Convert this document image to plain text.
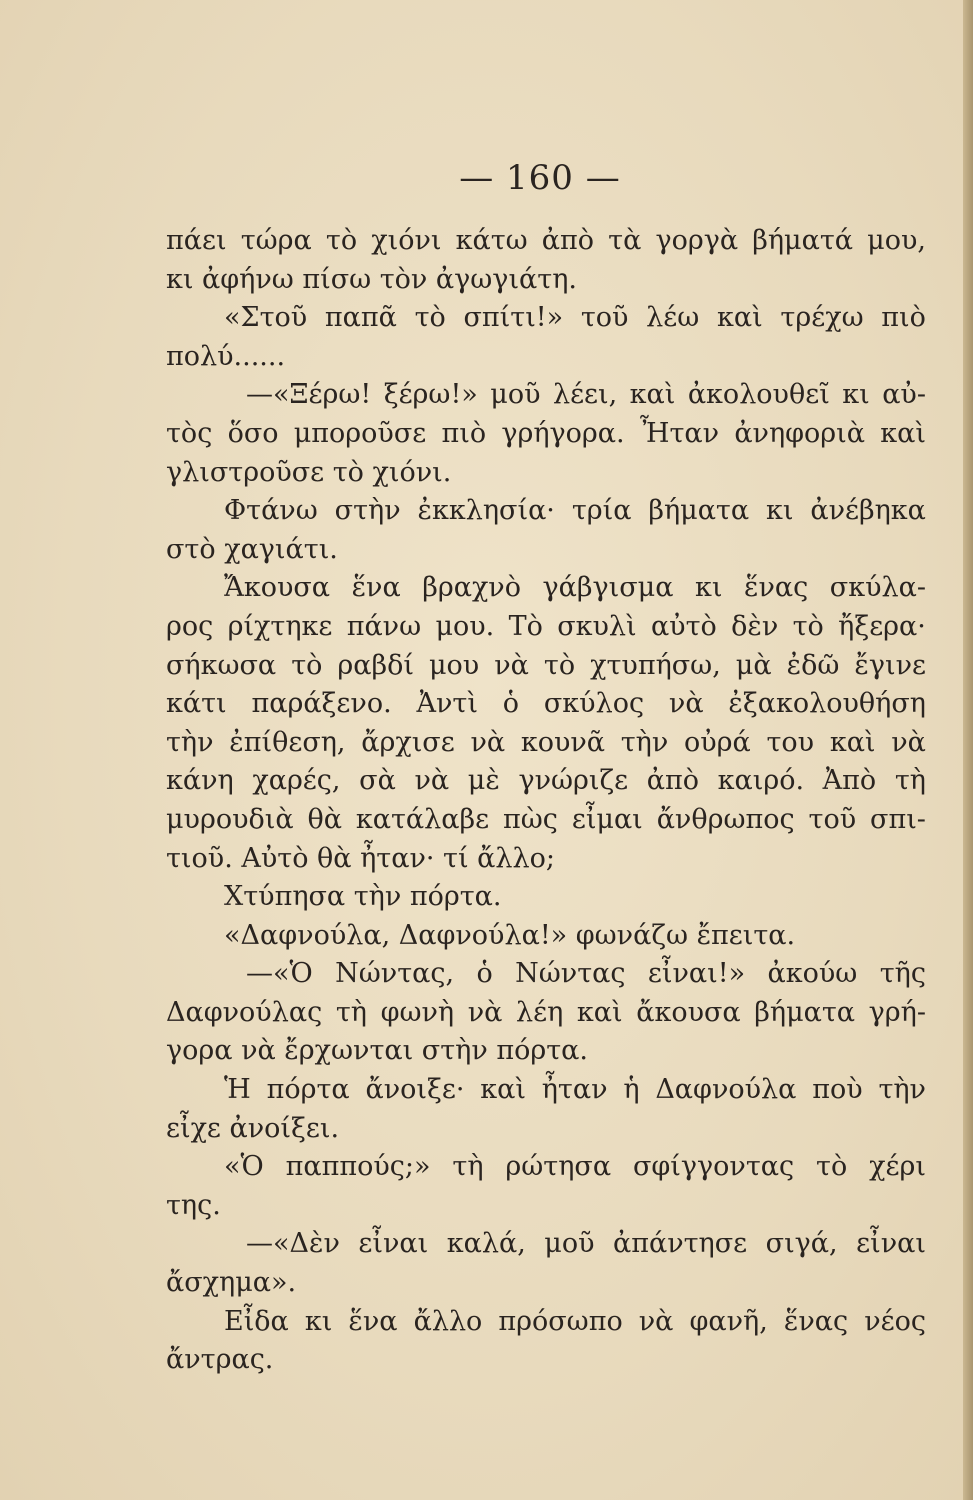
— 160 —
πάει τώρα τὸ χιόνι κάτω ἀπὸ τὰ γοργὰ βήματά μου,
κι ἀφήνω πίσω τὸν ἀγωγιάτη.
«Στοῦ παπᾶ τὸ σπίτι!» τοῦ λέω καὶ τρέχω πιὸ
πολύ......
—«Ξέρω! ξέρω!» μοῦ λέει, καὶ ἀκολουθεῖ κι αὐ-
τὸς ὅσο μποροῦσε πιὸ γρήγορα. Ἦταν ἀνηφοριὰ καὶ
γλιστροῦσε τὸ χιόνι.
Φτάνω στὴν ἐκκλησία· τρία βήματα κι ἀνέβηκα
στὸ χαγιάτι.
Ἄκουσα ἕνα βραχνὸ γάβγισμα κι ἕνας σκύλα-
ρος ρίχτηκε πάνω μου. Τὸ σκυλὶ αὐτὸ δὲν τὸ ἤξερα·
σήκωσα τὸ ραβδί μου νὰ τὸ χτυπήσω, μὰ ἐδῶ ἔγινε
κάτι παράξενο. Ἀντὶ ὁ σκύλος νὰ ἐξακολουθήση
τὴν ἐπίθεση, ἄρχισε νὰ κουνᾶ τὴν οὐρά του καὶ νὰ
κάνη χαρές, σὰ νὰ μὲ γνώριζε ἀπὸ καιρό. Ἀπὸ τὴ
μυρουδιὰ θὰ κατάλαβε πὼς εἶμαι ἄνθρωπος τοῦ σπι-
τιοῦ. Αὐτὸ θὰ ἦταν· τί ἄλλο;
Χτύπησα τὴν πόρτα.
«Δαφνούλα, Δαφνούλα!» φωνάζω ἔπειτα.
—«Ὁ Νώντας, ὁ Νώντας εἶναι!» ἀκούω τῆς
Δαφνούλας τὴ φωνὴ νὰ λέη καὶ ἄκουσα βήματα γρή-
γορα νὰ ἔρχωνται στὴν πόρτα.
Ἡ πόρτα ἄνοιξε· καὶ ἦταν ἡ Δαφνούλα ποὺ τὴν
εἶχε ἀνοίξει.
«Ὁ παππούς;» τὴ ρώτησα σφίγγοντας τὸ χέρι
της.
—«Δὲν εἶναι καλά, μοῦ ἀπάντησε σιγά, εἶναι
ἄσχημα».
Εἶδα κι ἕνα ἄλλο πρόσωπο νὰ φανῆ, ἕνας νέος
ἄντρας.
